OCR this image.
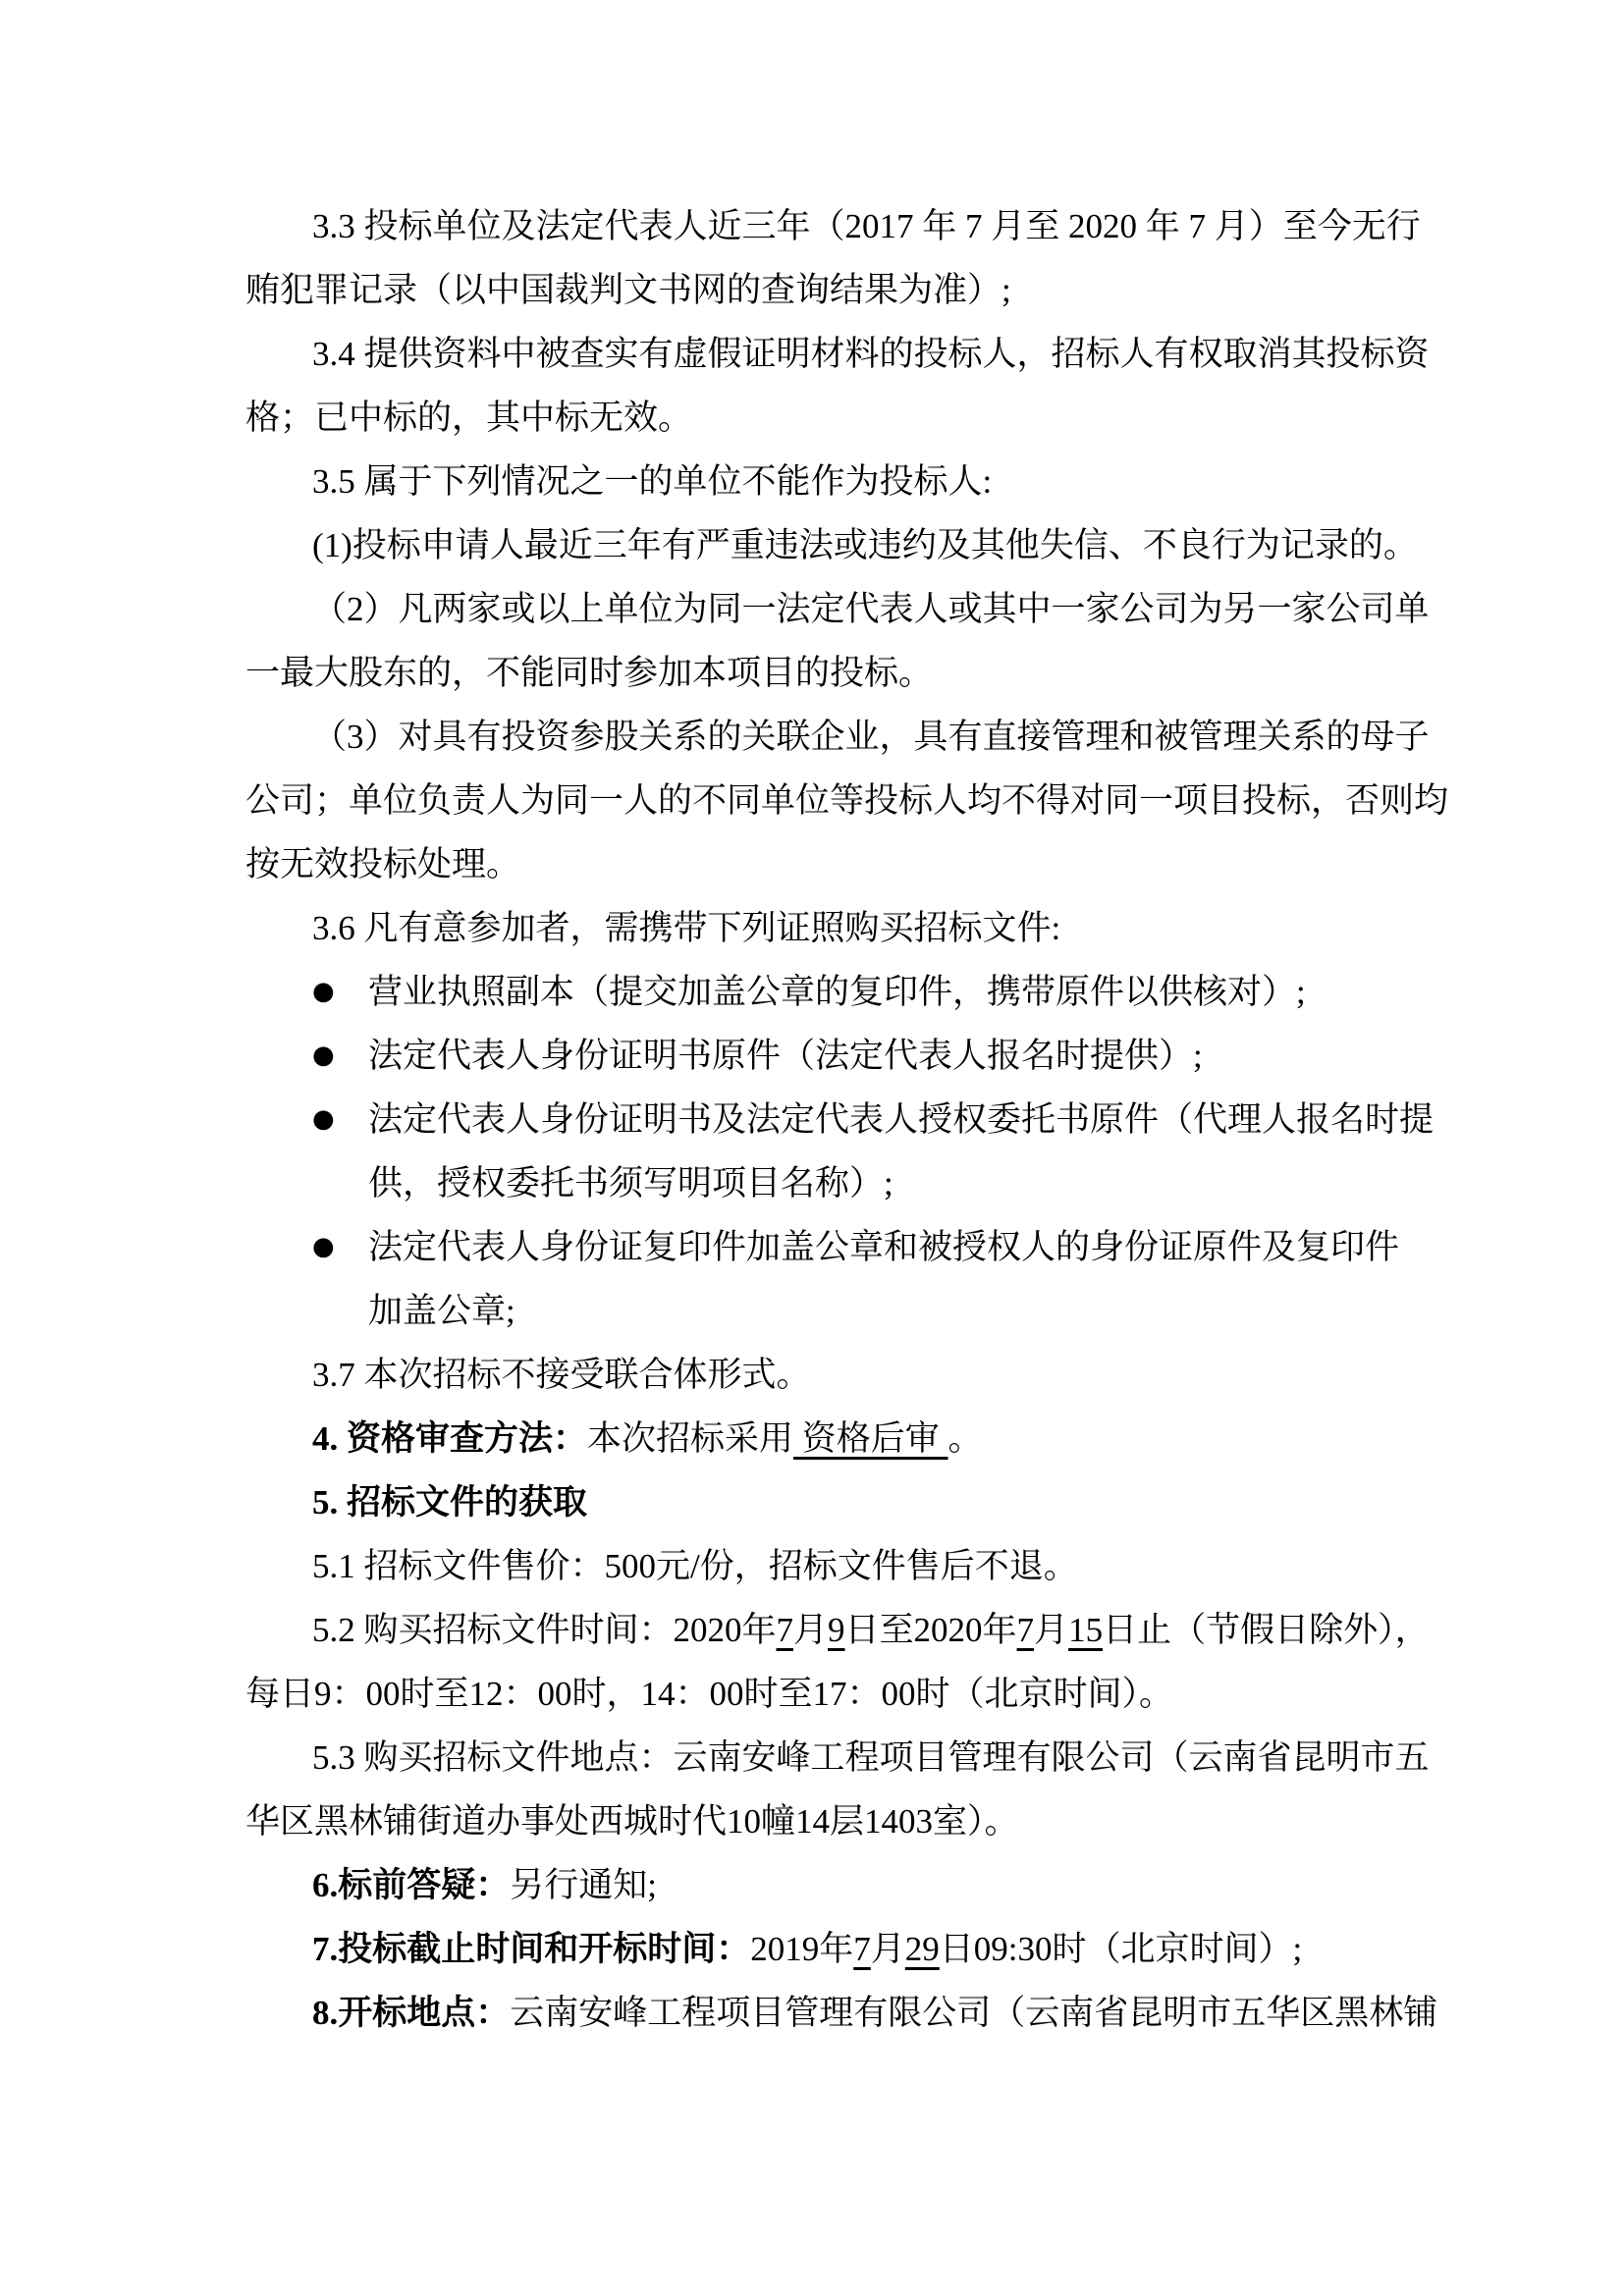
3.3 投标单位及法定代表人近三年（2017 年 7 月至 2020 年 7 月）至今无行
贿犯罪记录（以中国裁判文书网的查询结果为准）;
3.4 提供资料中被查实有虚假证明材料的投标人，招标人有权取消其投标资
格；已中标的，其中标无效。
3.5 属于下列情况之一的单位不能作为投标人:
(1)投标申请人最近三年有严重违法或违约及其他失信、不良行为记录的。
（2）凡两家或以上单位为同一法定代表人或其中一家公司为另一家公司单
一最大股东的，不能同时参加本项目的投标。
（3）对具有投资参股关系的关联企业，具有直接管理和被管理关系的母子
公司；单位负责人为同一人的不同单位等投标人均不得对同一项目投标，否则均
按无效投标处理。
3.6 凡有意参加者，需携带下列证照购买招标文件:
● 营业执照副本（提交加盖公章的复印件，携带原件以供核对）;
● 法定代表人身份证明书原件（法定代表人报名时提供）;
● 法定代表人身份证明书及法定代表人授权委托书原件（代理人报名时提
供，授权委托书须写明项目名称）;
● 法定代表人身份证复印件加盖公章和被授权人的身份证原件及复印件
加盖公章;
3.7 本次招标不接受联合体形式。
4. 资格审查方法：本次招标采用 资格后审 。
5. 招标文件的获取
5.1 招标文件售价：500元/份，招标文件售后不退。
5.2 购买招标文件时间：2020年7月9日至2020年7月15日止（节假日除外），
每日9：00时至12：00时，14：00时至17：00时（北京时间）。
5.3 购买招标文件地点：云南安峰工程项目管理有限公司（云南省昆明市五
华区黑林铺街道办事处西城时代10幢14层1403室）。
6.标前答疑：另行通知;
7.投标截止时间和开标时间：2019年7月29日09:30时（北京时间）;
8.开标地点：云南安峰工程项目管理有限公司（云南省昆明市五华区黑林铺
